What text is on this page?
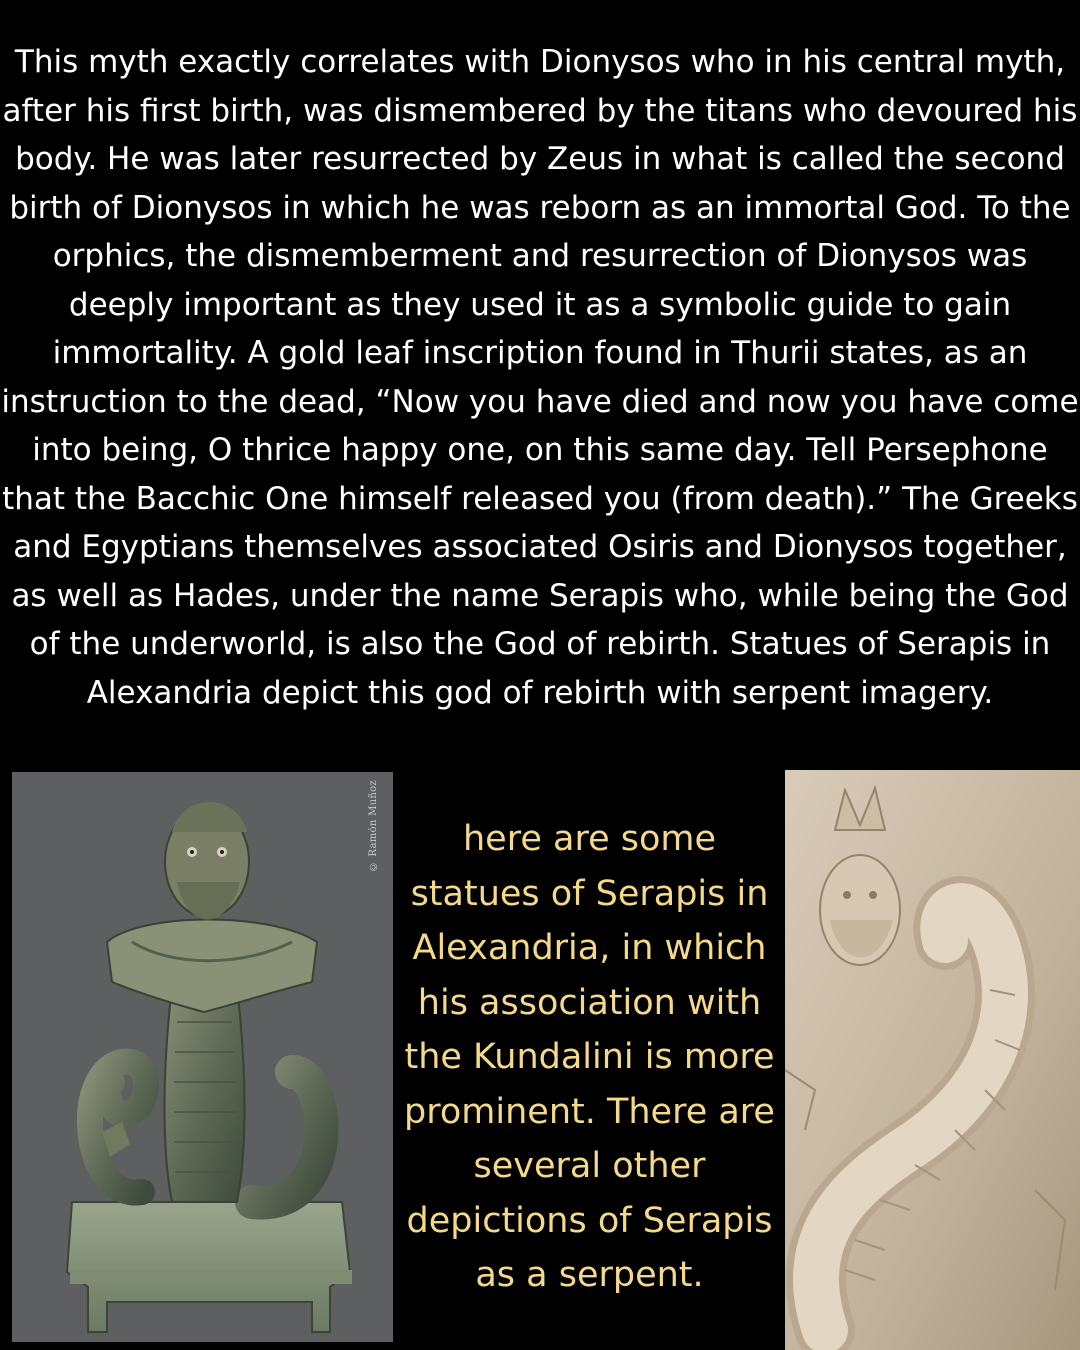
This myth exactly correlates with Dionysos who in his central myth, after his first birth, was dismembered by the titans who devoured his body. He was later resurrected by Zeus in what is called the second birth of Dionysos in which he was reborn as an immortal God. To the orphics, the dismemberment and resurrection of Dionysos was deeply important as they used it as a symbolic guide to gain immortality. A gold leaf inscription found in Thurii states, as an instruction to the dead, “Now you have died and now you have come into being, O thrice happy one, on this same day. Tell Persephone that the Bacchic One himself released you (from death).” The Greeks and Egyptians themselves associated Osiris and Dionysos together, as well as Hades, under the name Serapis who, while being the God of the underworld, is also the God of rebirth. Statues of Serapis in Alexandria depict this god of rebirth with serpent imagery.

© Ramón Muñoz	here are some statues of Serapis in Alexandria, in which his association with the Kundalini is more prominent. There are several other depictions of Serapis as a serpent.
